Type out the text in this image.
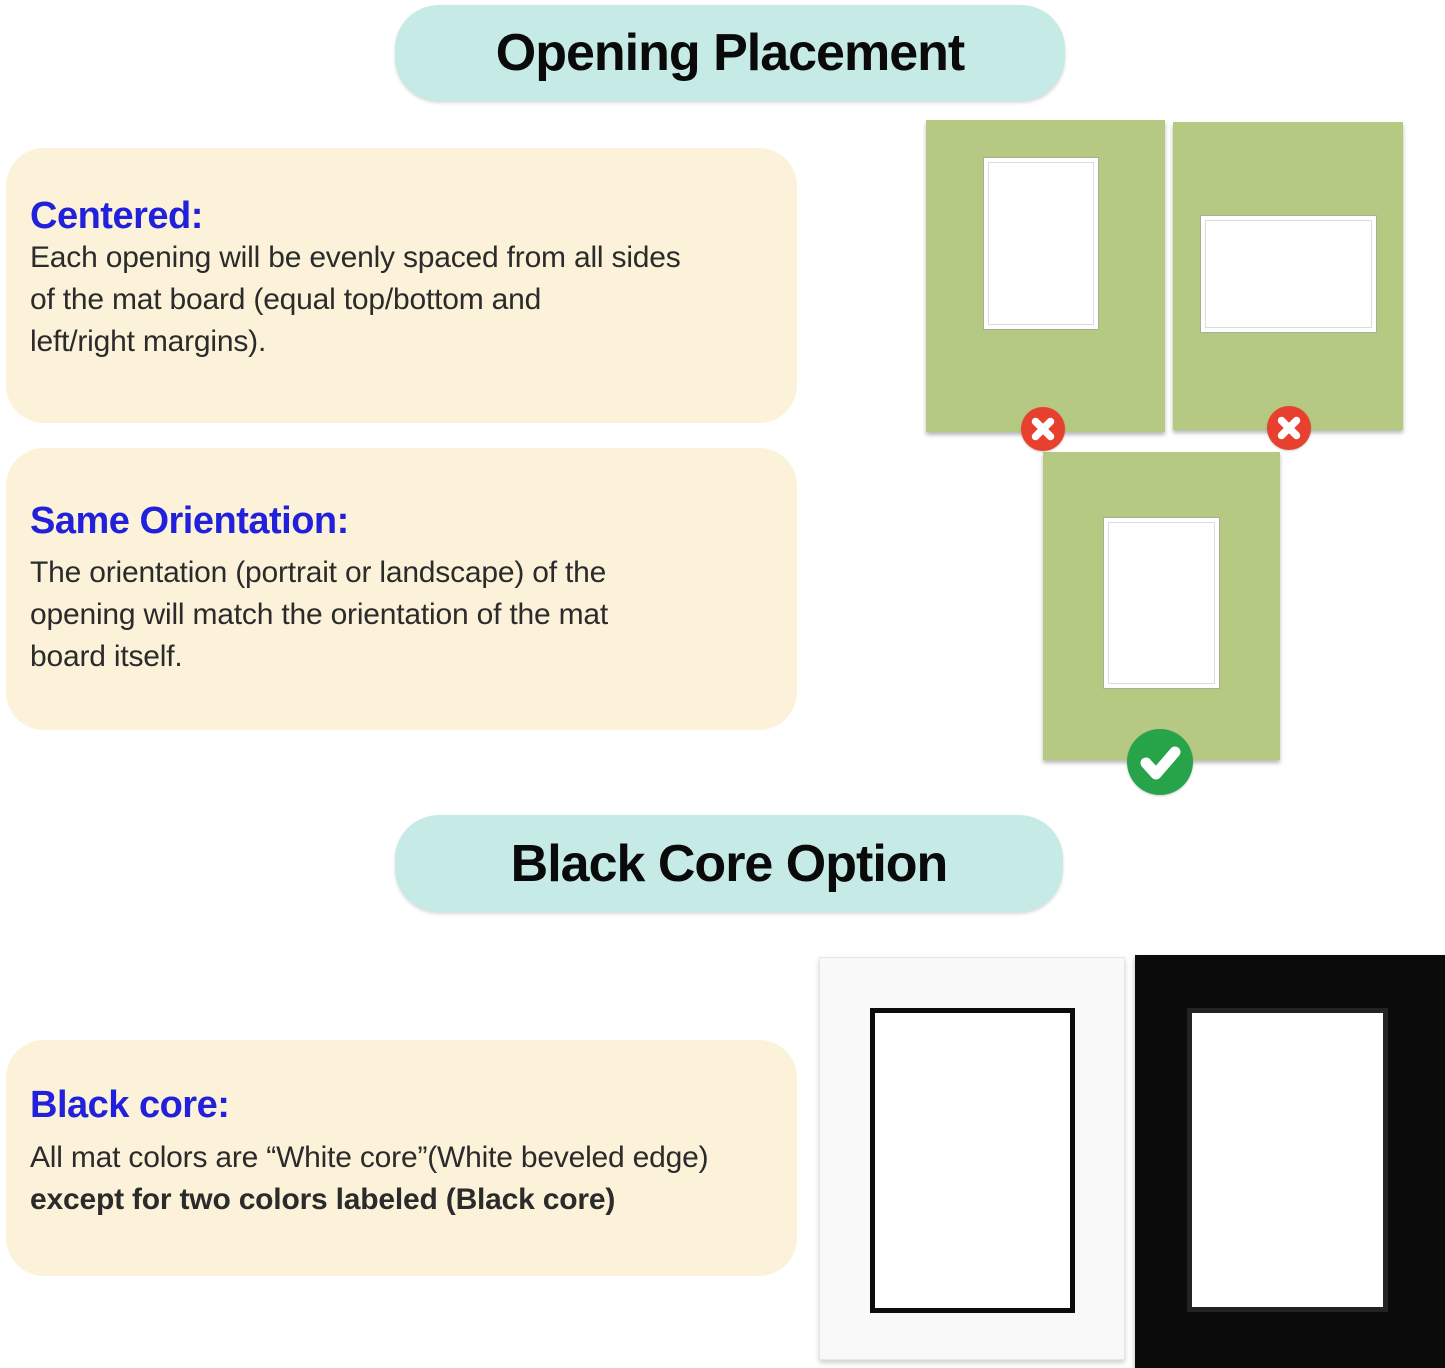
Opening Placement
Centered:
Each opening will be evenly spaced from all sides
of the mat board (equal top/bottom and
left/right margins).
Same Orientation:
The orientation (portrait or landscape) of the
opening will match the orientation of the mat
board itself.
Black Core Option
Black core:
All mat colors are “White core”(White beveled edge)
except for two colors labeled (Black core)
